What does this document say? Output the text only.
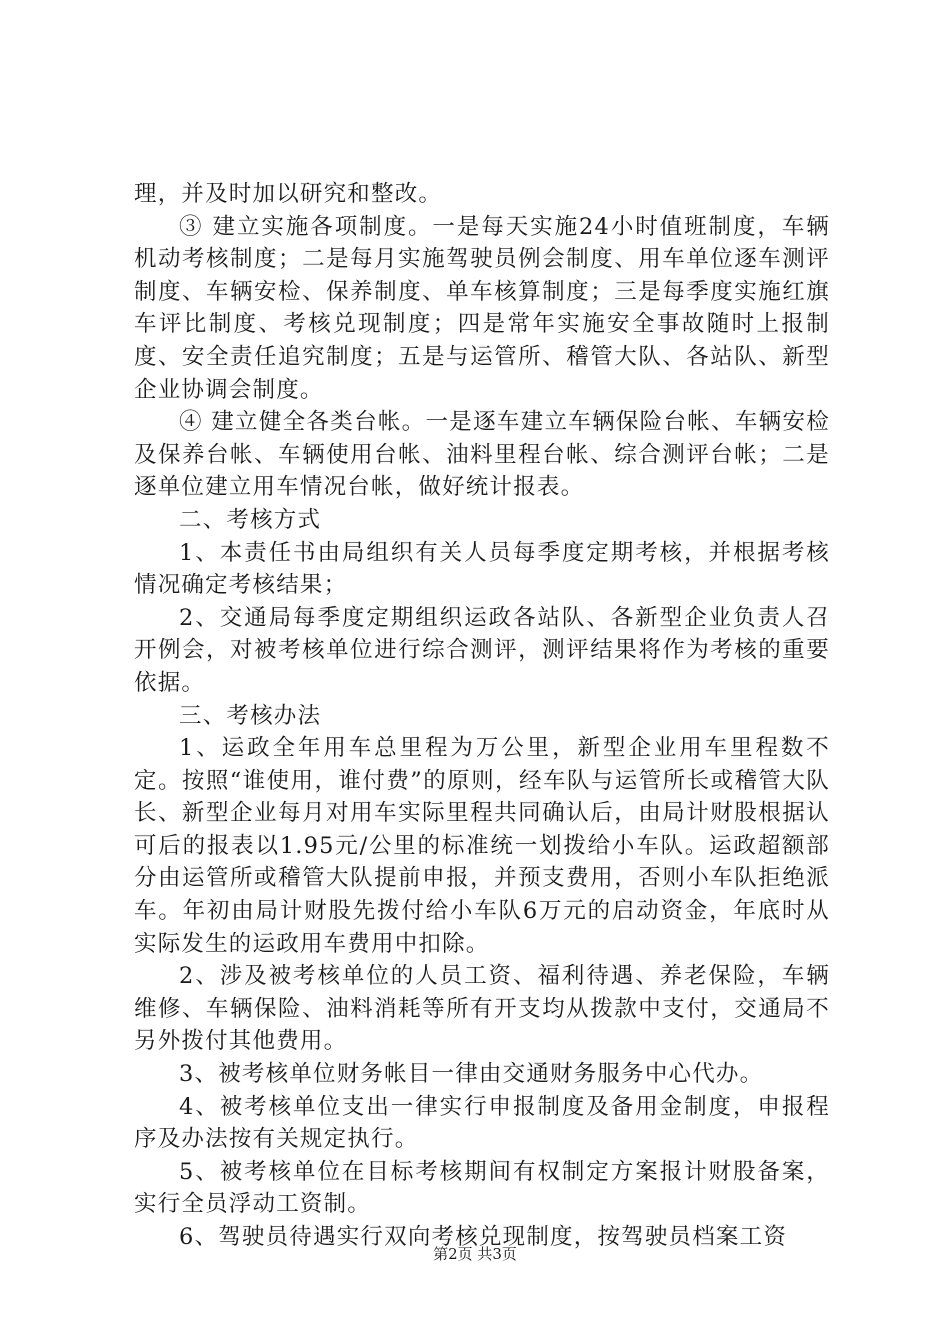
理，并及时加以研究和整改。

③ 建立实施各项制度。一是每天实施24小时值班制度，车辆机动考核制度；二是每月实施驾驶员例会制度、用车单位逐车测评制度、车辆安检、保养制度、单车核算制度；三是每季度实施红旗车评比制度、考核兑现制度；四是常年实施安全事故随时上报制度、安全责任追究制度；五是与运管所、稽管大队、各站队、新型企业协调会制度。

④ 建立健全各类台帐。一是逐车建立车辆保险台帐、车辆安检及保养台帐、车辆使用台帐、油料里程台帐、综合测评台帐；二是逐单位建立用车情况台帐，做好统计报表。

二、考核方式

1、本责任书由局组织有关人员每季度定期考核，并根据考核情况确定考核结果；

2、交通局每季度定期组织运政各站队、各新型企业负责人召开例会，对被考核单位进行综合测评，测评结果将作为考核的重要依据。

三、考核办法

1、运政全年用车总里程为万公里，新型企业用车里程数不定。按照“谁使用，谁付费”的原则，经车队与运管所长或稽管大队长、新型企业每月对用车实际里程共同确认后，由局计财股根据认可后的报表以1.95元/公里的标准统一划拨给小车队。运政超额部分由运管所或稽管大队提前申报，并预支费用，否则小车队拒绝派车。年初由局计财股先拨付给小车队6万元的启动资金，年底时从实际发生的运政用车费用中扣除。

2、涉及被考核单位的人员工资、福利待遇、养老保险，车辆维修、车辆保险、油料消耗等所有开支均从拨款中支付，交通局不另外拨付其他费用。

3、被考核单位财务帐目一律由交通财务服务中心代办。

4、被考核单位支出一律实行申报制度及备用金制度，申报程序及办法按有关规定执行。

5、被考核单位在目标考核期间有权制定方案报计财股备案，实行全员浮动工资制。

6、驾驶员待遇实行双向考核兑现制度，按驾驶员档案工资

第2页 共3页
